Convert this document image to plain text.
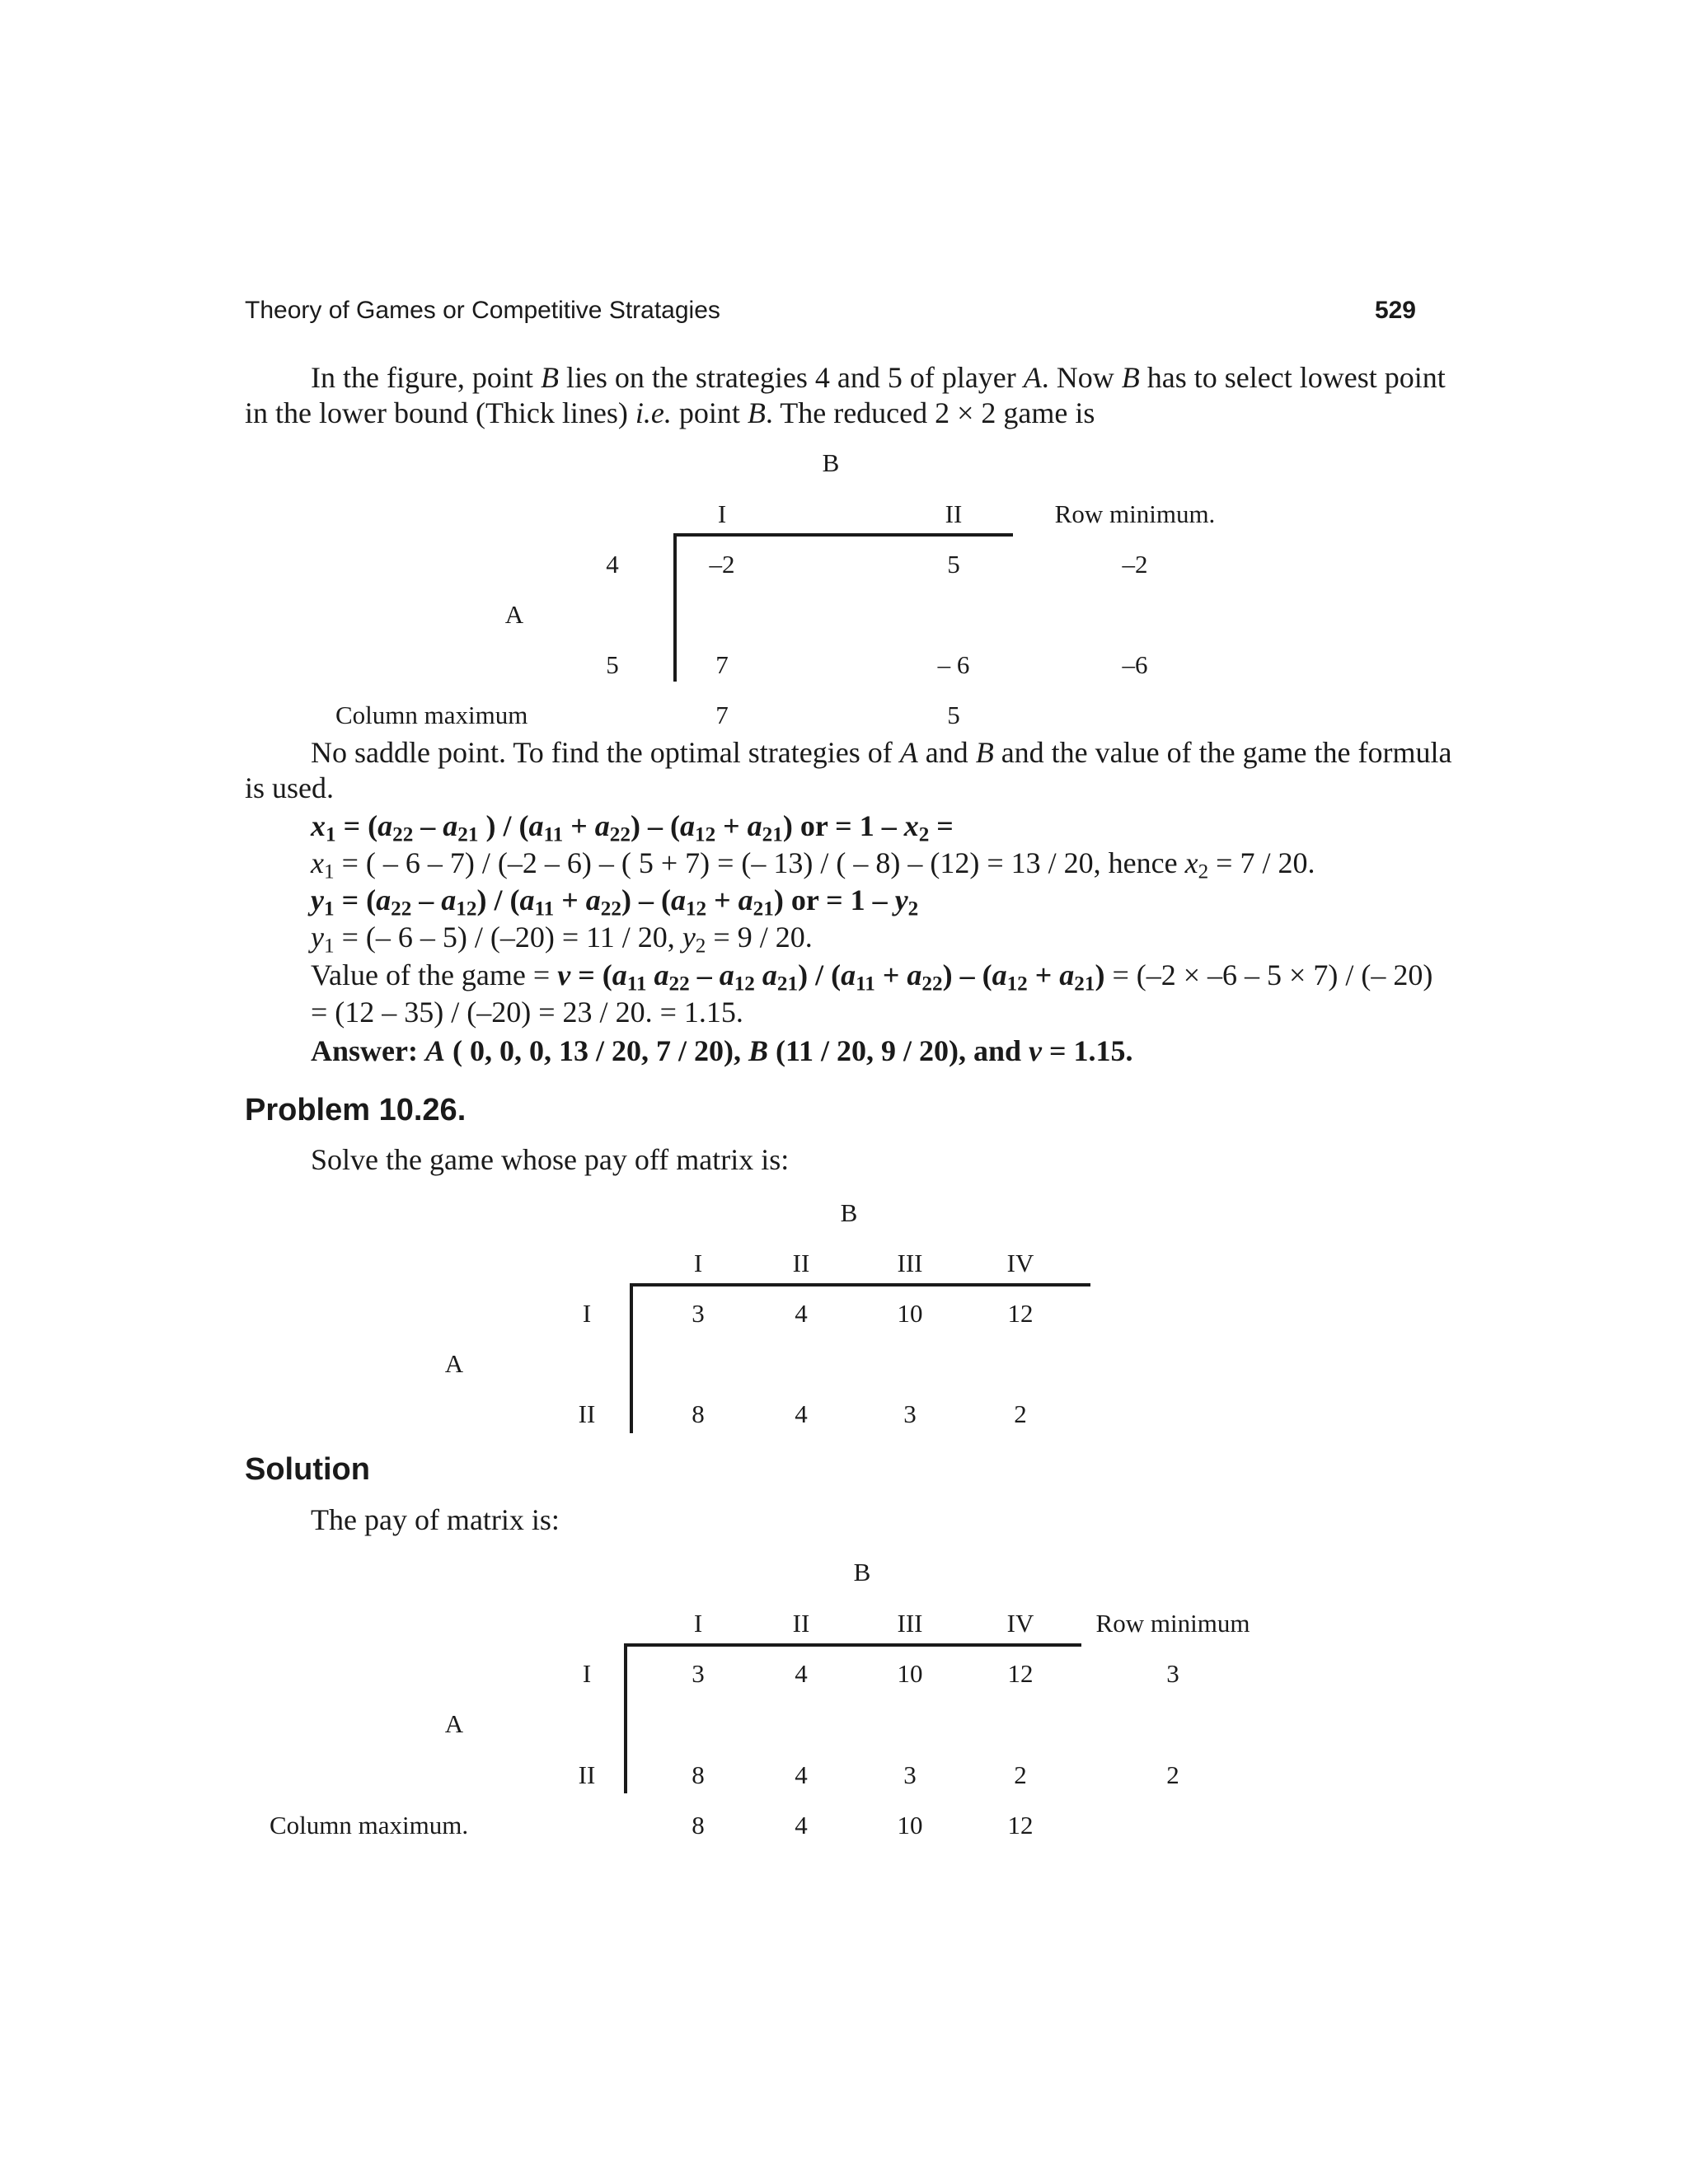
Theory of Games or Competitive Stratagies	529
In the figure, point B lies on the strategies 4 and 5 of player A. Now B has to select lowest point
in the lower bound (Thick lines) i.e. point B. The reduced 2 × 2 game is
B
I	II	Row minimum.
4	–2	5	–2
A
5	7	– 6	–6
Column maximum	7	5
No saddle point. To find the optimal strategies of A and B and the value of the game the formula
is used.
$x_1 = (a_{22} - a_{21}$ ) / $(a_{11} + a_{22}) - (a_{12} + a_{21})$ or = $1 - x_2$ =
$x_1$ = ( – 6 – 7) / (–2 – 6) – ( 5 + 7) = (– 13) / ( – 8) – (12) = 13 / 20, hence $x_2 = 7 / 20$.
$y_1 = (a_{22} - a_{12}) / (a_{11} + a_{22}) - (a_{12} + a_{21})$ or = $1 - y_2$
$y_1$ = (– 6 – 5) / (–20) = 11 / 20, $y_2 = 9 / 20$.
Value of the game = $v = (a_{11}$ $a_{22} - a_{12}$ $a_{21}) / (a_{11} + a_{22}) - (a_{12} + a_{21}) = (-2 \times -6 - 5 \times 7)$ / (– 20)
= (12 – 35) / (–20) = 23 / 20. = 1.15.
Answer: A ( 0, 0, 0, 13 / 20, 7 / 20), B (11 / 20, 9 / 20), and v = 1.15.
Problem 10.26.
Solve the game whose pay off matrix is:
B
I	II	III	IV
I	3	4	10	12
A
II	8	4	3	2
Solution
The pay of matrix is:
B
I	II	III	IV Row minimum
I	3	4	10	12	3
A
II	8	4	3	2	2
Column maximum.	8	4	10	12
